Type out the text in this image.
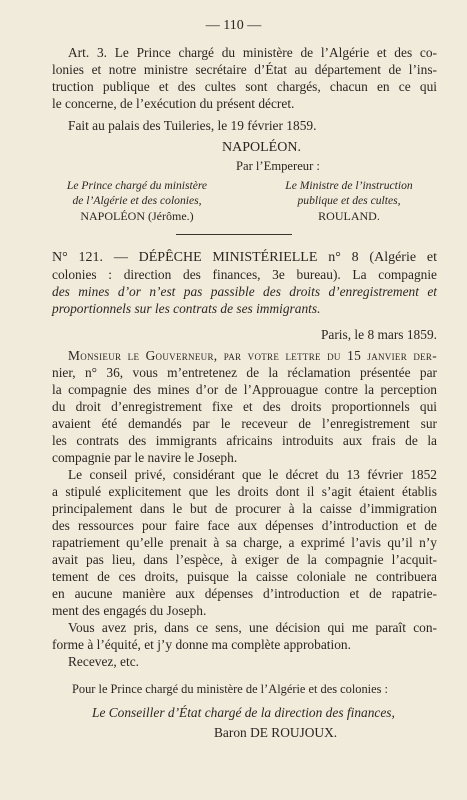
— 110 —
Art. 3. Le Prince chargé du ministère de l’Algérie et des co-
lonies et notre ministre secrétaire d’État au département de l’ins-
truction publique et des cultes sont chargés, chacun en ce qui
le concerne, de l’exécution du présent décret.
Fait au palais des Tuileries, le 19 février 1859.
NAPOLÉON.
Par l’Empereur :
Le Prince chargé du ministère
de l’Algérie et des colonies,
NAPOLÉON (Jérôme.)
Le Ministre de l’instruction
publique et des cultes,
ROULAND.
N° 121. — DÉPÊCHE MINISTÉRIELLE n° 8 (Algérie et
colonies : direction des finances, 3e bureau). La compagnie
des mines d’or n’est pas passible des droits d’enregistrement et
proportionnels sur les contrats de ses immigrants.
Paris, le 8 mars 1859.
Monsieur le Gouverneur, par votre lettre du 15 janvier der-
nier, n° 36, vous m’entretenez de la réclamation présentée par
la compagnie des mines d’or de l’Approuague contre la perception
du droit d’enregistrement fixe et des droits proportionnels qui
avaient été demandés par le receveur de l’enregistrement sur
les contrats des immigrants africains introduits aux frais de la
compagnie par le navire le Joseph.
Le conseil privé, considérant que le décret du 13 février 1852
a stipulé explicitement que les droits dont il s’agit étaient établis
principalement dans le but de procurer à la caisse d’immigration
des ressources pour faire face aux dépenses d’introduction et de
rapatriement qu’elle prenait à sa charge, a exprimé l’avis qu’il n’y
avait pas lieu, dans l’espèce, à exiger de la compagnie l’acquit-
tement de ces droits, puisque la caisse coloniale ne contribuera
en aucune manière aux dépenses d’introduction et de rapatrie-
ment des engagés du Joseph.
Vous avez pris, dans ce sens, une décision qui me paraît con-
forme à l’équité, et j’y donne ma complète approbation.
Recevez, etc.
Pour le Prince chargé du ministère de l’Algérie et des colonies :
Le Conseiller d’État chargé de la direction des finances,
Baron DE ROUJOUX.
